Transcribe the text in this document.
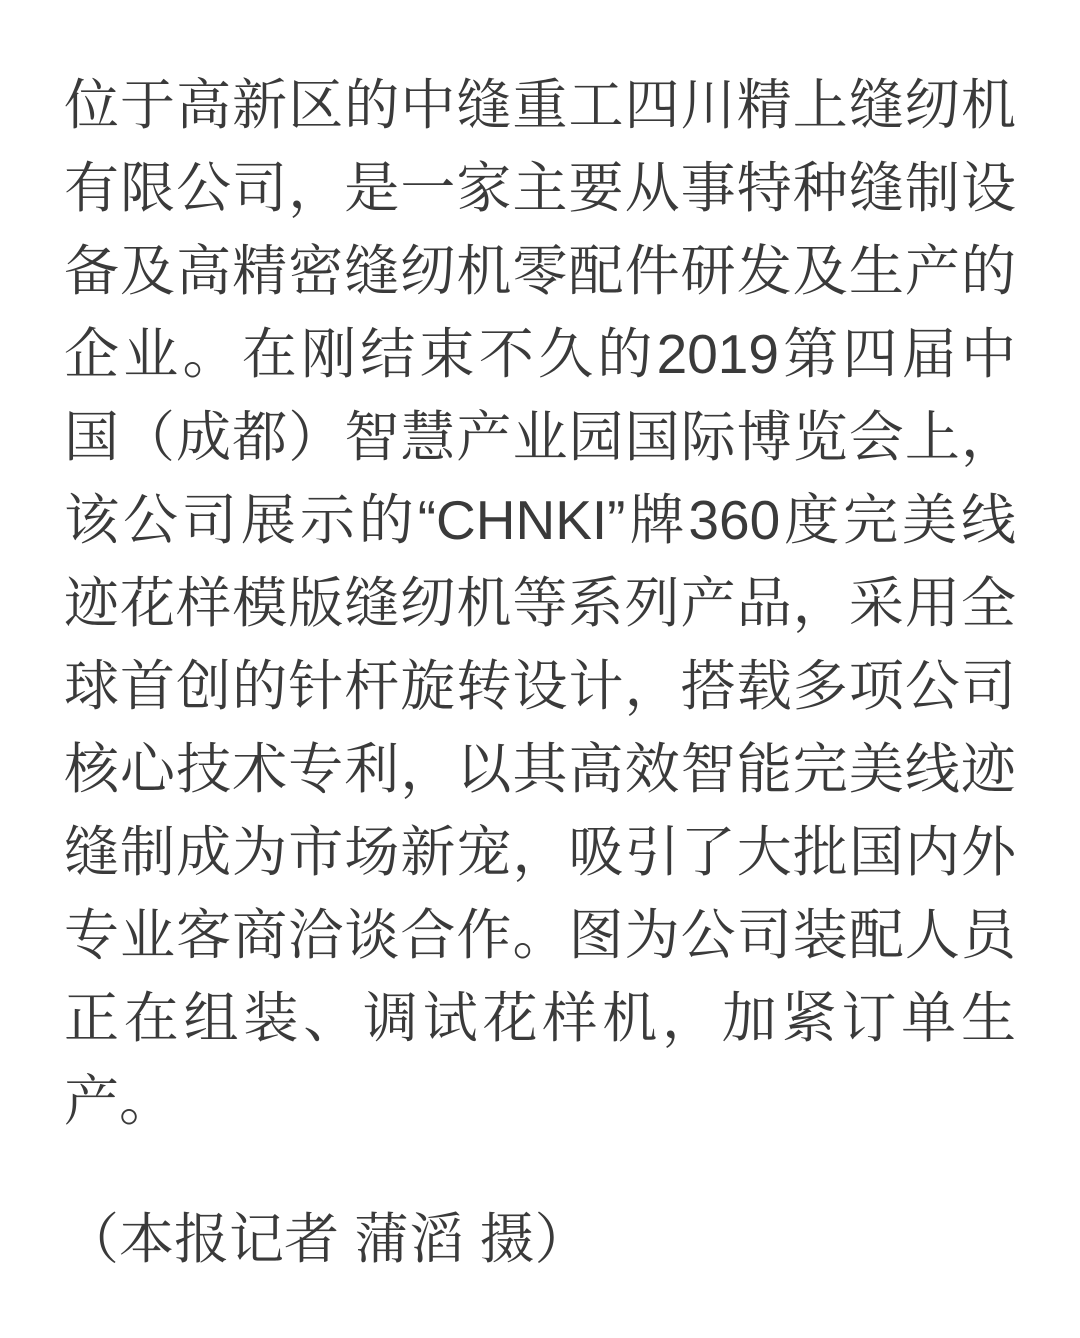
位于高新区的中缝重工四川精上缝纫机
有限公司，是一家主要从事特种缝制设
备及高精密缝纫机零配件研发及生产的
企业。在刚结束不久的2019第四届中
国（成都）智慧产业园国际博览会上，
该公司展示的“CHNKI”牌360度完美线
迹花样模版缝纫机等系列产品，采用全
球首创的针杆旋转设计，搭载多项公司
核心技术专利，以其高效智能完美线迹
缝制成为市场新宠，吸引了大批国内外
专业客商洽谈合作。图为公司装配人员
正在组装、调试花样机，加紧订单生
产。
（本报记者 蒲滔 摄）
